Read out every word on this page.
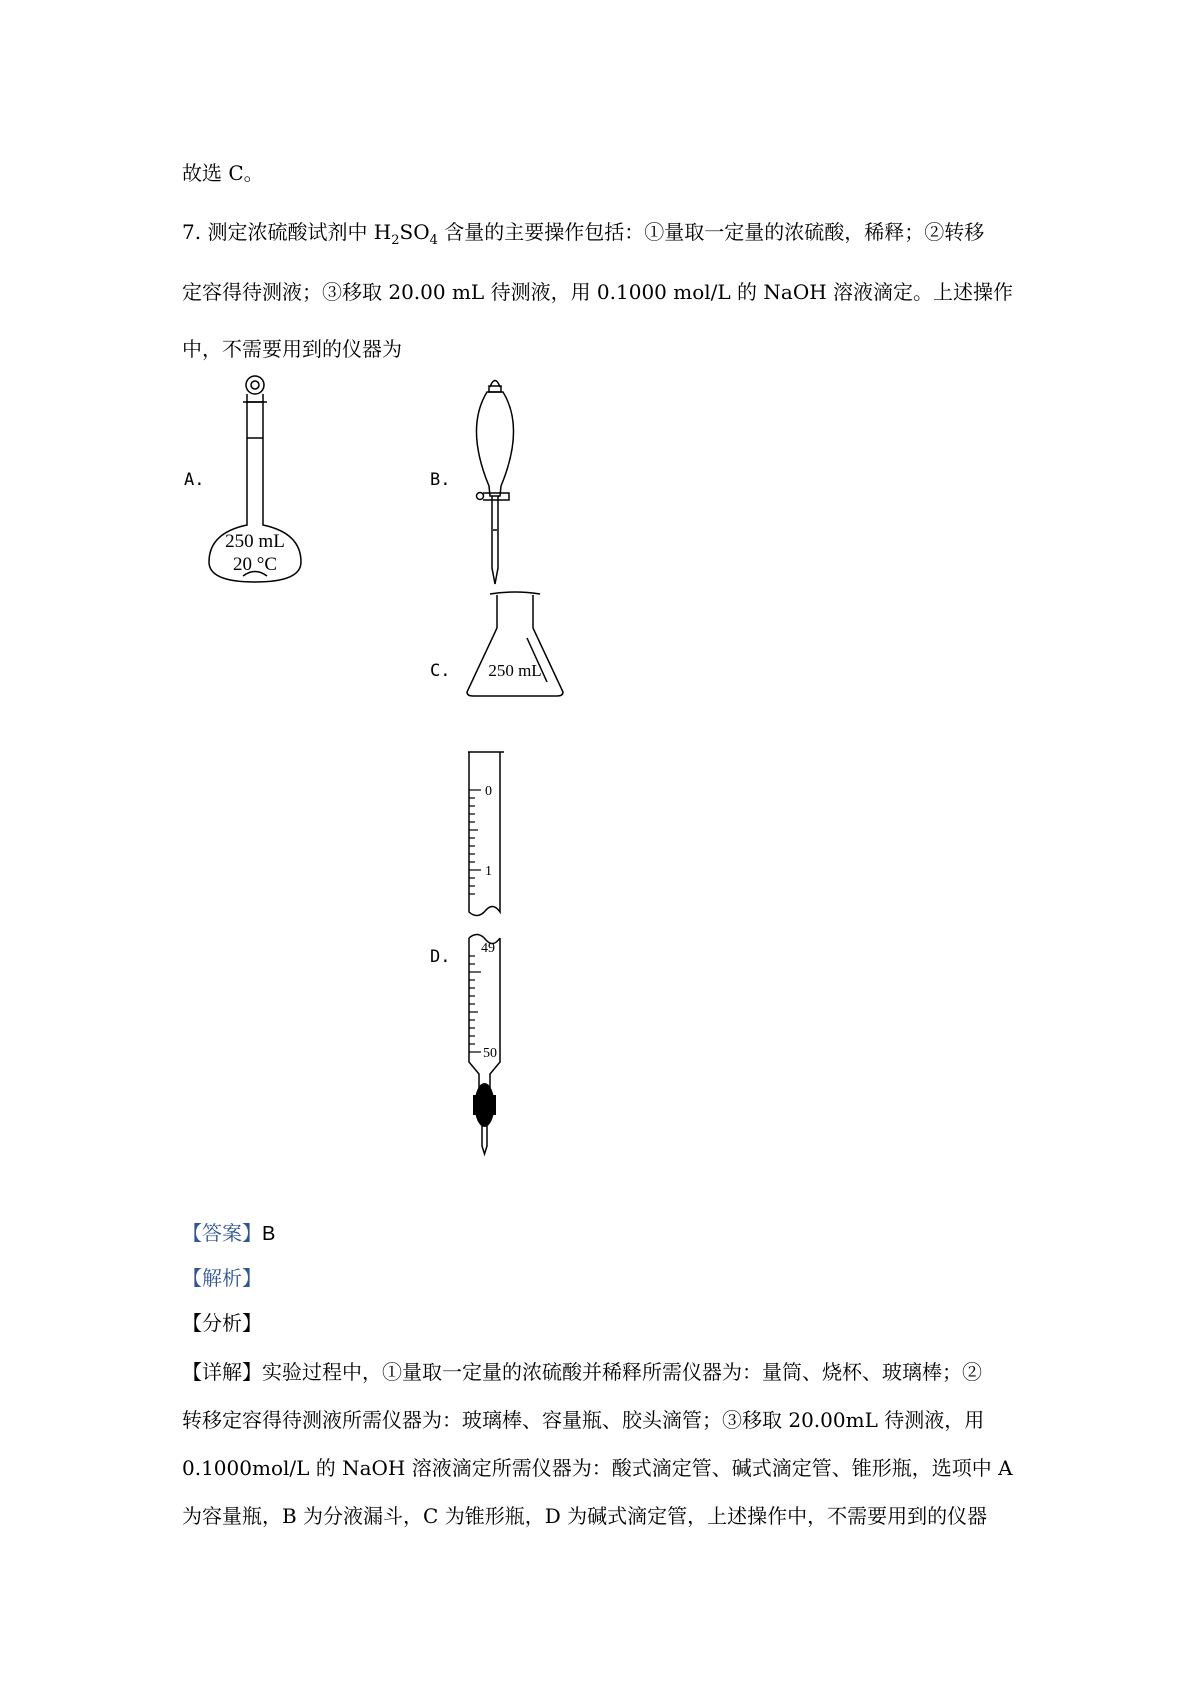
故选 C。
7. 测定浓硫酸试剂中 $H_2SO_4$ 含量的主要操作包括：①量取一定量的浓硫酸，稀释；②转移
定容得待测液；③移取 20.00 mL 待测液，用 0.1000 mol/L 的 NaOH 溶液滴定。上述操作
中，不需要用到的仪器为
A.	B.
C.
D.
250 mL
20 °C
250 mL
0
1
49
50
【答案】B
【解析】
【分析】
【详解】实验过程中，①量取一定量的浓硫酸并稀释所需仪器为：量筒、烧杯、玻璃棒；②
转移定容得待测液所需仪器为：玻璃棒、容量瓶、胶头滴管；③移取 20.00mL 待测液，用
0.1000mol/L 的 NaOH 溶液滴定所需仪器为：酸式滴定管、碱式滴定管、锥形瓶，选项中 A
为容量瓶，B 为分液漏斗，C 为锥形瓶，D 为碱式滴定管，上述操作中，不需要用到的仪器
